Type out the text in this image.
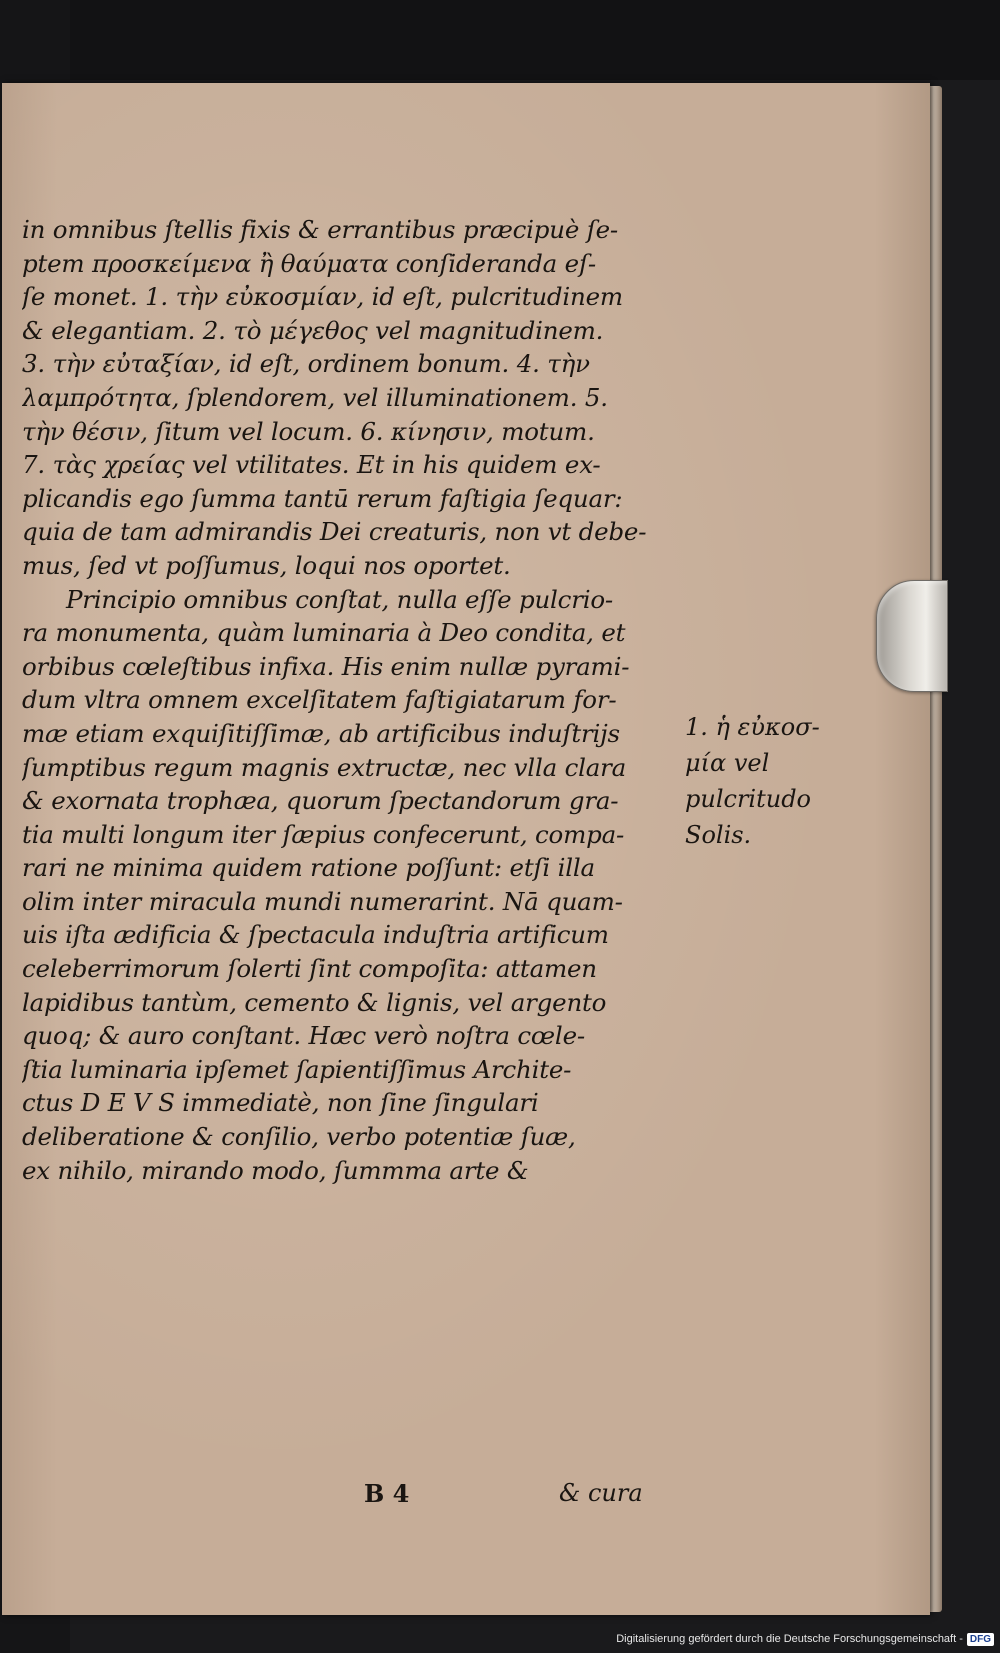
in omnibus ſtellis fixis & errantibus præcipuè ſe-
ptem προσκείμενα ἢ θαύματα conſideranda eſ-
ſe monet. 1. τὴν εὐκοσμίαν, id eſt, pulcritudinem
& elegantiam. 2. τὸ μέγεθος vel magnitudinem.
3. τὴν εὐταξίαν, id eſt, ordinem bonum. 4. τὴν
λαμπρότητα, ſplendorem, vel illuminationem. 5.
τὴν θέσιν, ſitum vel locum. 6. κίνησιν, motum.
7. τὰς χρείας vel vtilitates. Et in his quidem ex-
plicandis ego ſumma tantū rerum faſtigia ſequar:
quia de tam admirandis Dei creaturis, non vt debe-
mus, ſed vt poſſumus, loqui nos oportet.
Principio omnibus conſtat, nulla eſſe pulcrio-
ra monumenta, quàm luminaria à Deo condita, et
orbibus cœleſtibus infixa. His enim nullæ pyrami-
dum vltra omnem excelſitatem faſtigiatarum for-
mæ etiam exquiſitiſſimæ, ab artificibus induſtrijs
ſumptibus regum magnis extructæ, nec vlla clara
& exornata trophæa, quorum ſpectandorum gra-
tia multi longum iter ſæpius confecerunt, compa-
rari ne minima quidem ratione poſſunt: etſi illa
olim inter miracula mundi numerarint. Nā quam-
uis iſta ædificia & ſpectacula induſtria artificum
celeberrimorum ſolerti ſint compoſita: attamen
lapidibus tantùm, cemento & lignis, vel argento
quoq; & auro conſtant. Hæc verò noſtra cœle-
ſtia luminaria ipſemet ſapientiſſimus Archite-
ctus D E V S immediatè, non ſine ſingulari
deliberatione & conſilio, verbo potentiæ ſuæ,
ex nihilo, mirando modo, ſummma arte &
1. ἡ εὐκοσ-
μία vel
pulcritudo
Solis.
B 4	& cura
Digitalisierung gefördert durch die Deutsche Forschungsgemeinschaft - DFG
